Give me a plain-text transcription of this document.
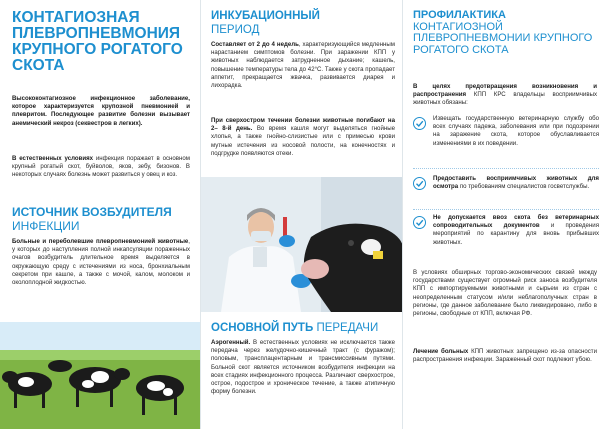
КОНТАГИОЗНАЯ ПЛЕВРОПНЕВМОНИЯ КРУПНОГО РОГАТОГО СКОТА
Высококонтагиозное инфекционное заболевание, которое характеризуется крупозной пневмонией и плевритом. Последующее развитие болезни вызывает анемический некроз (секвестров в легких).
В естественных условиях инфекция поражает в основном крупный рогатый скот, буйволов, яков, зебу, бизонов. В некоторых случаях болезнь может развиться у овец и коз.
ИСТОЧНИК ВОЗБУДИТЕЛЯ
ИНФЕКЦИИ
Больные и переболевшие плевропневмонией животные, у которых до наступления полной инкапсуляции пораженных очагов возбудитель длительное время выделяется в окружающую среду с истечениями из носа, бронхиальным секретом при кашле, а также с мочой, калом, молоком и околоплодной жидкостью.
ИНКУБАЦИОННЫЙ
ПЕРИОД
Составляет от 2 до 4 недель, характеризующийся медленным нарастанием симптомов болезни. При заражении КПП у животных наблюдается затрудненное дыхание; кашель, повышение температуры тела до 42°С. Также у скота пропадает аппетит, прекращается жвачка, развивается диарея и лихорадка.
При сверхостром течении болезни животные погибают на 2– 8-й день. Во время кашля могут выделяться гнойные хлопья, а также гнойно-слизистые или с примесью крови мутные истечения из носовой полости, на конечностях и подгрудке появляются отеки.
ОСНОВНОЙ ПУТЬ ПЕРЕДАЧИ
Аэрогенный. В естественных условиях не исключается также передача через желудочно-кишечный тракт (с фуражом); половым, трансплацентарным и трансмиссивным путями. Больной скот является источником возбудителя инфекции на всех стадиях инфекционного процесса. Различают сверхострое, острое, подострое и хроническое течение, а также атипичную форму болезни.
ПРОФИЛАКТИКА
КОНТАГИОЗНОЙ ПЛЕВРОПНЕВМОНИИ КРУПНОГО РОГАТОГО СКОТА
В целях предотвращения возникновения и распространения КПП КРС владельцы восприимчивых животных обязаны:
Извещать государственную ветеринарную службу обо всех случаях падежа, заболевания или при подозрении на заражение скота, которое обуславливается изменениями в их поведении.
Предоставить восприимчивых животных для осмотра по требованиям специалистов госветслужбы.
Не допускается ввоз скота без ветеринарных сопроводительных документов и проведения мероприятий по карантину для вновь прибывших животных.
В условиях обширных торгово-экономических связей между государствами существует огромный риск заноса возбудителя КПП с импортируемыми животными и сырьем из стран с неопределенным статусом и/или неблагополучных стран в регионы, где данное заболевание было ликвидировано, либо в регионы, свободные от КПП, включая РФ.
Лечение больных КПП животных запрещено из-за опасности распространения инфекции. Зараженный скот подлежит убою.
